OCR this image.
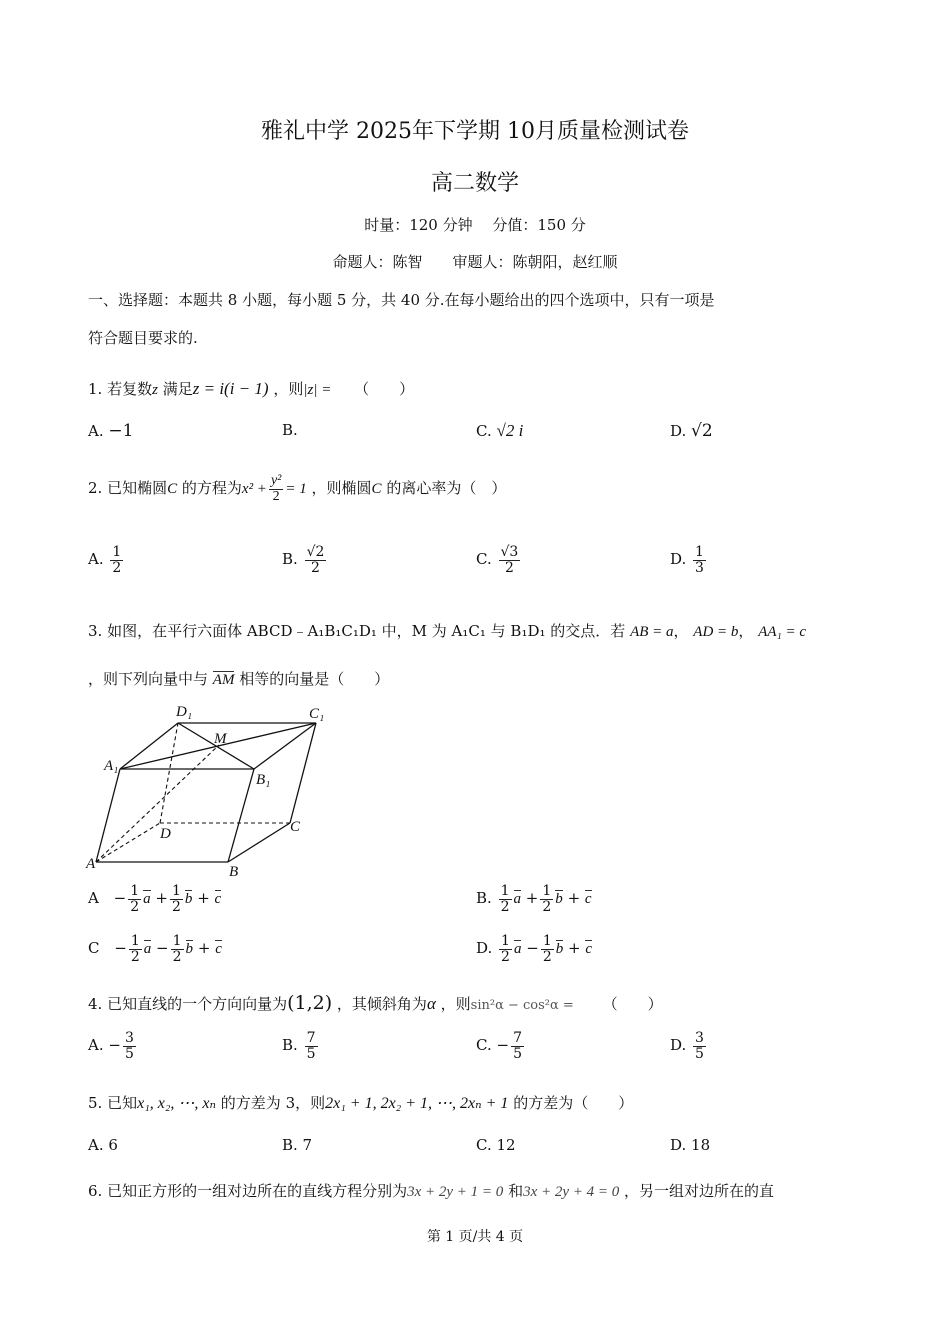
雅礼中学 2025年下学期 10月质量检测试卷
高二数学
时量：120 分钟　 分值：150 分
命题人：陈智　　审题人：陈朝阳，赵红顺
一、选择题：本题共 8 小题，每小题 5 分，共 40 分.在每小题给出的四个选项中，只有一项是
符合题目要求的.
1. 若复数z 满足z = i(i − 1) ，则|z| = （　　）
A. −1	B.	C. √2 i	D. √2
2. 已知椭圆C 的方程为$x^2 + \frac{\text{y²}}{2} = 1$ ，则椭圆C 的离心率为（　）
A. $\frac{1}{2}$	B. $\frac{√2}{2}$	C. $\frac{√3}{2}$	D. $\frac{1}{3}$
3. 如图，在平行六面体 ABCD﹣A₁B₁C₁D₁ 中，M 为 A₁C₁ 与 B₁D₁ 的交点．若 AB = a， AD = b， AA₁ = c
，则下列向量中与 AM 相等的向量是（　　）
D₁	C₁
A₁
B₁
M
D	C
A	B
$A - \frac{1}{2}$ $a + \frac{1}{2}$ b + c	B. $\frac{1}{2}$ $a + \frac{1}{2}$ b + c
$C - \frac{1}{2}$ $a - \frac{1}{2}$ b + c	D. $\frac{1}{2}$ $a - \frac{1}{2}$ b + c
4. 已知直线的一个方向向量为(1,2) ，其倾斜角为α ，则sin²α − cos²α = （　　）
A. − $\frac{3}{5}$	B. $\frac{7}{5}$	C. − $\frac{7}{5}$	D. $\frac{3}{5}$
5. 已知x₁, x₂, ⋯, xₙ 的方差为 3，则2x₁ + 1, 2x₂ + 1, ⋯, 2xₙ + 1 的方差为（　　）
A. 6	B. 7	C. 12	D. 18
6. 已知正方形的一组对边所在的直线方程分别为3x + 2y + 1 = 0 和3x + 2y + 4 = 0 ，另一组对边所在的直
第 1 页/共 4 页
